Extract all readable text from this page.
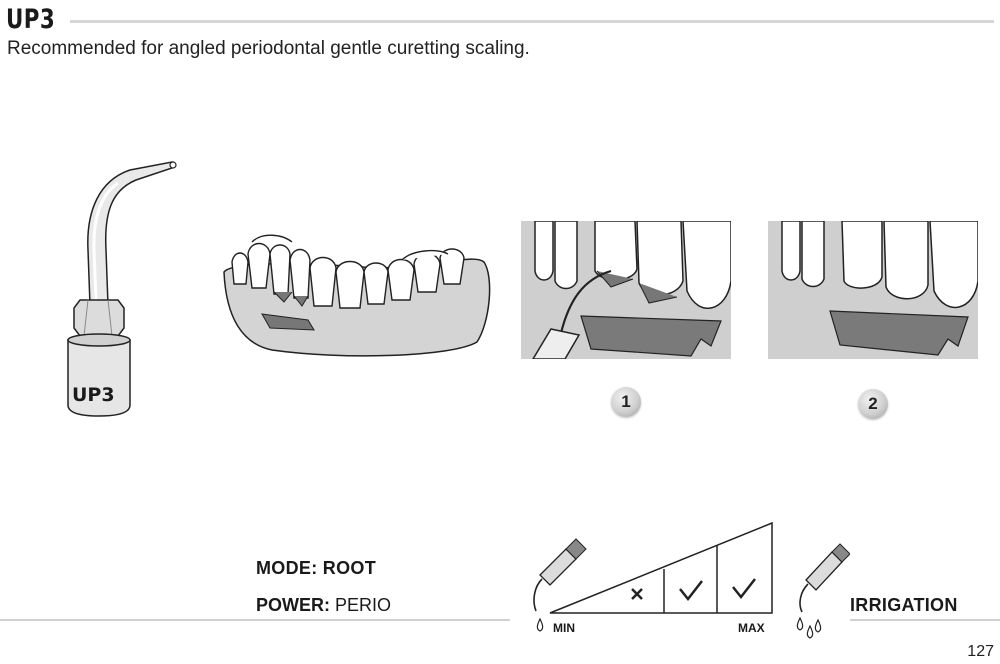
UP3
Recommended for angled periodontal gentle curetting scaling.
UP3	1	2
MODE: ROOT
POWER: PERIO
MIN	MAX
IRRIGATION
127
